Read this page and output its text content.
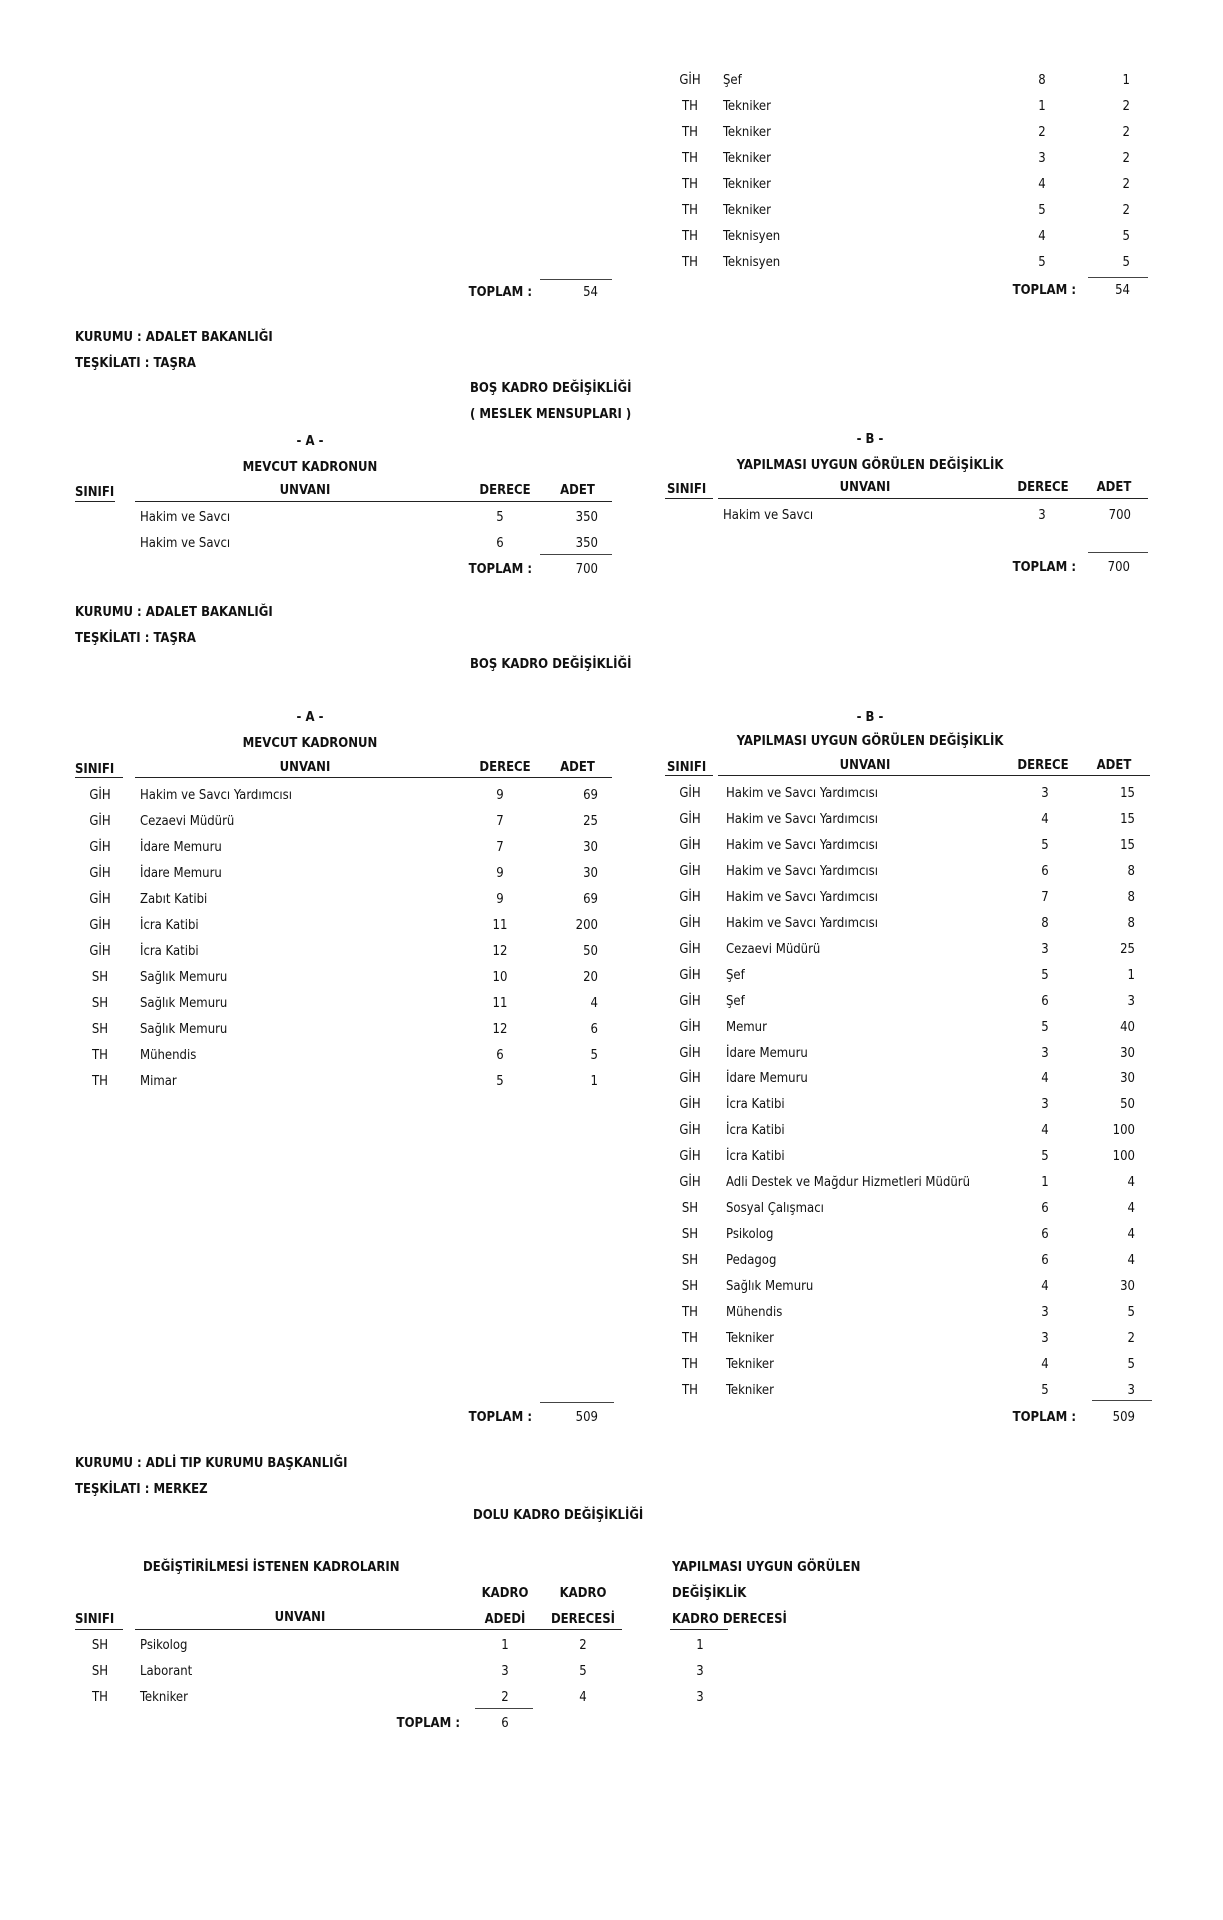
GİH	Şef	8	1
TH	Tekniker	1	2
TH	Tekniker	2	2
TH	Tekniker	3	2
TH	Tekniker	4	2
TH	Tekniker	5	2
TH	Teknisyen	4	5
TH	Teknisyen	5	5
TOPLAM :	54	TOPLAM :	54
KURUMU : ADALET BAKANLIĞI
TEŞKİLATI : TAŞRA
BOŞ KADRO DEĞİŞİKLİĞİ
( MESLEK MENSUPLARI )
- A -
MEVCUT KADRONUN
- B -
YAPILMASI UYGUN GÖRÜLEN DEĞİŞİKLİK
SINIFI	UNVANI	DERECE	ADET	SINIFI	UNVANI	DERECE	ADET
Hakim ve Savcı	5	350
Hakim ve Savcı	6	350
Hakim ve Savcı	3	700
TOPLAM :	700	TOPLAM :	700
KURUMU : ADALET BAKANLIĞI
TEŞKİLATI : TAŞRA
BOŞ KADRO DEĞİŞİKLİĞİ
- A -
MEVCUT KADRONUN
- B -
YAPILMASI UYGUN GÖRÜLEN DEĞİŞİKLİK
SINIFI	UNVANI	DERECE	ADET	SINIFI	UNVANI	DERECE	ADET
GİH	Hakim ve Savcı Yardımcısı	9	69
GİH	Cezaevi Müdürü	7	25
GİH	İdare Memuru	7	30
GİH	İdare Memuru	9	30
GİH	Zabıt Katibi	9	69
GİH	İcra Katibi	11	200
GİH	İcra Katibi	12	50
SH	Sağlık Memuru	10	20
SH	Sağlık Memuru	11	4
SH	Sağlık Memuru	12	6
TH	Mühendis	6	5
TH	Mimar	5	1
GİH	Hakim ve Savcı Yardımcısı	3	15
GİH	Hakim ve Savcı Yardımcısı	4	15
GİH	Hakim ve Savcı Yardımcısı	5	15
GİH	Hakim ve Savcı Yardımcısı	6	8
GİH	Hakim ve Savcı Yardımcısı	7	8
GİH	Hakim ve Savcı Yardımcısı	8	8
GİH	Cezaevi Müdürü	3	25
GİH	Şef	5	1
GİH	Şef	6	3
GİH	Memur	5	40
GİH	İdare Memuru	3	30
GİH	İdare Memuru	4	30
GİH	İcra Katibi	3	50
GİH	İcra Katibi	4	100
GİH	İcra Katibi	5	100
GİH	Adli Destek ve Mağdur Hizmetleri Müdürü	1	4
SH	Sosyal Çalışmacı	6	4
SH	Psikolog	6	4
SH	Pedagog	6	4
SH	Sağlık Memuru	4	30
TH	Mühendis	3	5
TH	Tekniker	3	2
TH	Tekniker	4	5
TH	Tekniker	5	3
TOPLAM :	509	TOPLAM :	509
KURUMU : ADLİ TIP KURUMU BAŞKANLIĞI
TEŞKİLATI : MERKEZ
DOLU KADRO DEĞİŞİKLİĞİ
DEĞİŞTİRİLMESİ İSTENEN KADROLARIN	YAPILMASI UYGUN GÖRÜLEN
DEĞİŞİKLİK
KADRO DERECESİ
KADRO	KADRO
SINIFI	UNVANI	ADEDİ	DERECESİ
SH	Psikolog	1	2	1
SH	Laborant	3	5	3
TH	Tekniker	2	4	3
TOPLAM :	6
